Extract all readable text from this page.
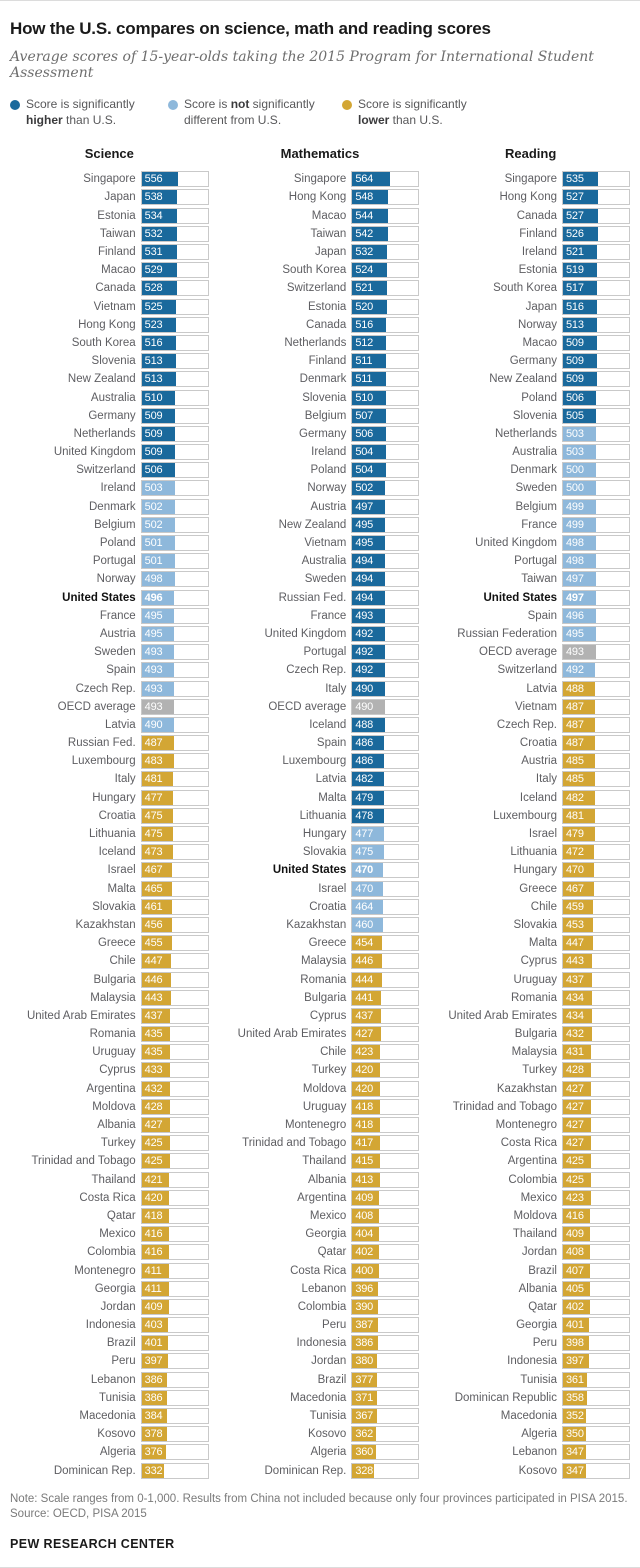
How the U.S. compares on science, math and reading scores

Average scores of 15-year-olds taking the 2015 Program for International Student Assessment

Score is significantly
higher than U.S.
Score is not significantly
different from U.S.
Score is significantly
lower than U.S.
Science
Singapore 556
Japan 538
Estonia 534
Taiwan 532
Finland 531
Macao 529
Canada 528
Vietnam 525
Hong Kong 523
South Korea 516
Slovenia 513
New Zealand 513
Australia 510
Germany 509
Netherlands 509
United Kingdom 509
Switzerland 506
Ireland 503
Denmark 502
Belgium 502
Poland 501
Portugal 501
Norway 498
United States 496
France 495
Austria 495
Sweden 493
Spain 493
Czech Rep. 493
OECD average 493
Latvia 490
Russian Fed. 487
Luxembourg 483
Italy 481
Hungary 477
Croatia 475
Lithuania 475
Iceland 473
Israel 467
Malta 465
Slovakia 461
Kazakhstan 456
Greece 455
Chile 447
Bulgaria 446
Malaysia 443
United Arab Emirates 437
Romania 435
Uruguay 435
Cyprus 433
Argentina 432
Moldova 428
Albania 427
Turkey 425
Trinidad and Tobago 425
Thailand 421
Costa Rica 420
Qatar 418
Mexico 416
Colombia 416
Montenegro 411
Georgia 411
Jordan 409
Indonesia 403
Brazil 401
Peru 397
Lebanon 386
Tunisia 386
Macedonia 384
Kosovo 378
Algeria 376
Dominican Rep. 332
Mathematics
Singapore 564
Hong Kong 548
Macao 544
Taiwan 542
Japan 532
South Korea 524
Switzerland 521
Estonia 520
Canada 516
Netherlands 512
Finland 511
Denmark 511
Slovenia 510
Belgium 507
Germany 506
Ireland 504
Poland 504
Norway 502
Austria 497
New Zealand 495
Vietnam 495
Australia 494
Sweden 494
Russian Fed. 494
France 493
United Kingdom 492
Portugal 492
Czech Rep. 492
Italy 490
OECD average 490
Iceland 488
Spain 486
Luxembourg 486
Latvia 482
Malta 479
Lithuania 478
Hungary 477
Slovakia 475
United States 470
Israel 470
Croatia 464
Kazakhstan 460
Greece 454
Malaysia 446
Romania 444
Bulgaria 441
Cyprus 437
United Arab Emirates 427
Chile 423
Turkey 420
Moldova 420
Uruguay 418
Montenegro 418
Trinidad and Tobago 417
Thailand 415
Albania 413
Argentina 409
Mexico 408
Georgia 404
Qatar 402
Costa Rica 400
Lebanon 396
Colombia 390
Peru 387
Indonesia 386
Jordan 380
Brazil 377
Macedonia 371
Tunisia 367
Kosovo 362
Algeria 360
Dominican Rep. 328
Reading
Singapore 535
Hong Kong 527
Canada 527
Finland 526
Ireland 521
Estonia 519
South Korea 517
Japan 516
Norway 513
Macao 509
Germany 509
New Zealand 509
Poland 506
Slovenia 505
Netherlands 503
Australia 503
Denmark 500
Sweden 500
Belgium 499
France 499
United Kingdom 498
Portugal 498
Taiwan 497
United States 497
Spain 496
Russian Federation 495
OECD average 493
Switzerland 492
Latvia 488
Vietnam 487
Czech Rep. 487
Croatia 487
Austria 485
Italy 485
Iceland 482
Luxembourg 481
Israel 479
Lithuania 472
Hungary 470
Greece 467
Chile 459
Slovakia 453
Malta 447
Cyprus 443
Uruguay 437
Romania 434
United Arab Emirates 434
Bulgaria 432
Malaysia 431
Turkey 428
Kazakhstan 427
Trinidad and Tobago 427
Montenegro 427
Costa Rica 427
Argentina 425
Colombia 425
Mexico 423
Moldova 416
Thailand 409
Jordan 408
Brazil 407
Albania 405
Qatar 402
Georgia 401
Peru 398
Indonesia 397
Tunisia 361
Dominican Republic 358
Macedonia 352
Algeria 350
Lebanon 347
Kosovo 347

Note: Scale ranges from 0-1,000. Results from China not included because only four provinces participated in PISA 2015.

Source: OECD, PISA 2015

PEW RESEARCH CENTER
